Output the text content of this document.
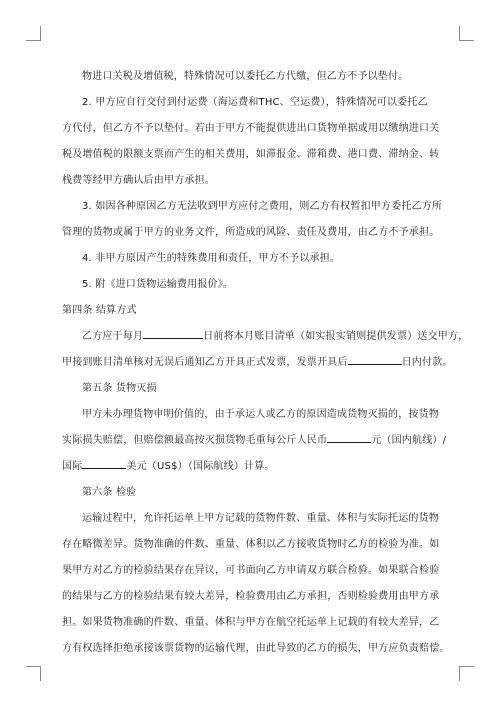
物进口关税及增值税，特殊情况可以委托乙方代缴，但乙方不予以垫付。
2. 甲方应自行交付到付运费（海运费和THC、空运费），特殊情况可以委托乙
方代付，但乙方不予以垫付。若由于甲方不能提供进出口货物单据或用以缴纳进口关
税及增值税的限额支票而产生的相关费用，如滞报金、滞箱费、港口费、滞纳金、转
栈费等经甲方确认后由甲方承担。
3. 如因各种原因乙方无法收到甲方应付之费用，则乙方有权暂扣甲方委托乙方所
管理的货物或属于甲方的业务文件，所造成的风险、责任及费用，由乙方不予承担。
4. 非甲方原因产生的特殊费用和责任，甲方不予以承担。
5. 附《进口货物运输费用报价》。
第四条 结算方式
乙方应于每月	日前将本月账目清单（如实报实销则提供发票）送交甲方，
甲接到账目清单核对无误后通知乙方开具正式发票，发票开具后	日内付款。
第五条 货物灭损
甲方未办理货物申明价值的，由于承运人或乙方的原因造成货物灭损的，按货物
实际损失赔偿，但赔偿额最高按灭损货物毛重每公斤人民币	元（国内航线）/
国际	美元（US$）（国际航线）计算。
第六条 检验
运输过程中，允许托运单上甲方记载的货物件数、重量、体积与实际托运的货物
存在略微差异。货物准确的件数、重量、体积以乙方接收货物时乙方的检验为准。如
果甲方对乙方的检验结果存在异议，可书面向乙方申请双方联合检验。如果联合检验
的结果与乙方的检验结果有较大差异，检验费用由乙方承担，否则检验费用由甲方承
担。如果货物准确的件数、重量、体积与甲方在航空托运单上记载的有较大差异，乙
方有权选择拒绝承接该票货物的运输代理，由此导致的乙方的损失，甲方应负责赔偿。
